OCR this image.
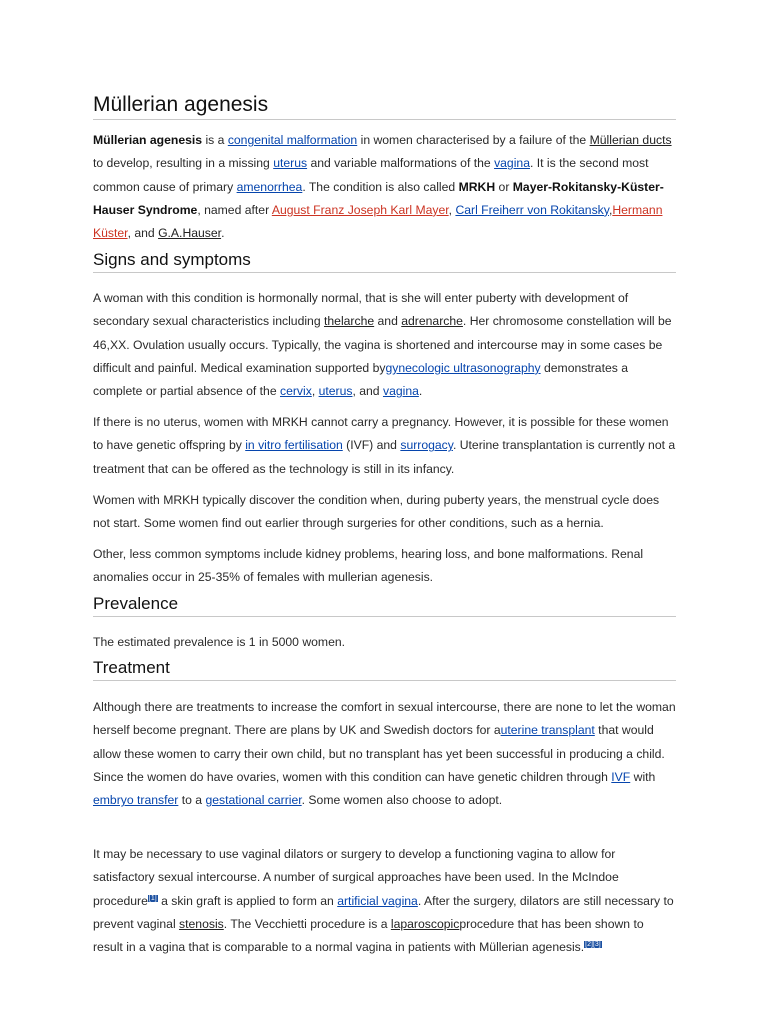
Müllerian agenesis

Müllerian agenesis is a congenital malformation in women characterised by a failure of the Müllerian ducts to develop, resulting in a missing uterus and variable malformations of the vagina. It is the second most common cause of primary amenorrhea. The condition is also called MRKH or Mayer-Rokitansky-Küster-Hauser Syndrome, named after August Franz Joseph Karl Mayer, Carl Freiherr von Rokitansky,Hermann Küster, and G.A.Hauser.

Signs and symptoms

A woman with this condition is hormonally normal, that is she will enter puberty with development of secondary sexual characteristics including thelarche and adrenarche. Her chromosome constellation will be 46,XX. Ovulation usually occurs. Typically, the vagina is shortened and intercourse may in some cases be difficult and painful. Medical examination supported bygynecologic ultrasonography demonstrates a complete or partial absence of the cervix, uterus, and vagina.

If there is no uterus, women with MRKH cannot carry a pregnancy. However, it is possible for these women to have genetic offspring by in vitro fertilisation (IVF) and surrogacy. Uterine transplantation is currently not a treatment that can be offered as the technology is still in its infancy.

Women with MRKH typically discover the condition when, during puberty years, the menstrual cycle does not start. Some women find out earlier through surgeries for other conditions, such as a hernia.

Other, less common symptoms include kidney problems, hearing loss, and bone malformations. Renal anomalies occur in 25-35% of females with mullerian agenesis.

Prevalence

The estimated prevalence is 1 in 5000 women.

Treatment

Although there are treatments to increase the comfort in sexual intercourse, there are none to let the woman herself become pregnant. There are plans by UK and Swedish doctors for auterine transplant that would allow these women to carry their own child, but no transplant has yet been successful in producing a child. Since the women do have ovaries, women with this condition can have genetic children through IVF with embryo transfer to a gestational carrier. Some women also choose to adopt.

It may be necessary to use vaginal dilators or surgery to develop a functioning vagina to allow for satisfactory sexual intercourse. A number of surgical approaches have been used. In the McIndoe procedure[1] a skin graft is applied to form an artificial vagina. After the surgery, dilators are still necessary to prevent vaginal stenosis. The Vecchietti procedure is a laparoscopicprocedure that has been shown to result in a vagina that is comparable to a normal vagina in patients with Müllerian agenesis.[2][3]
